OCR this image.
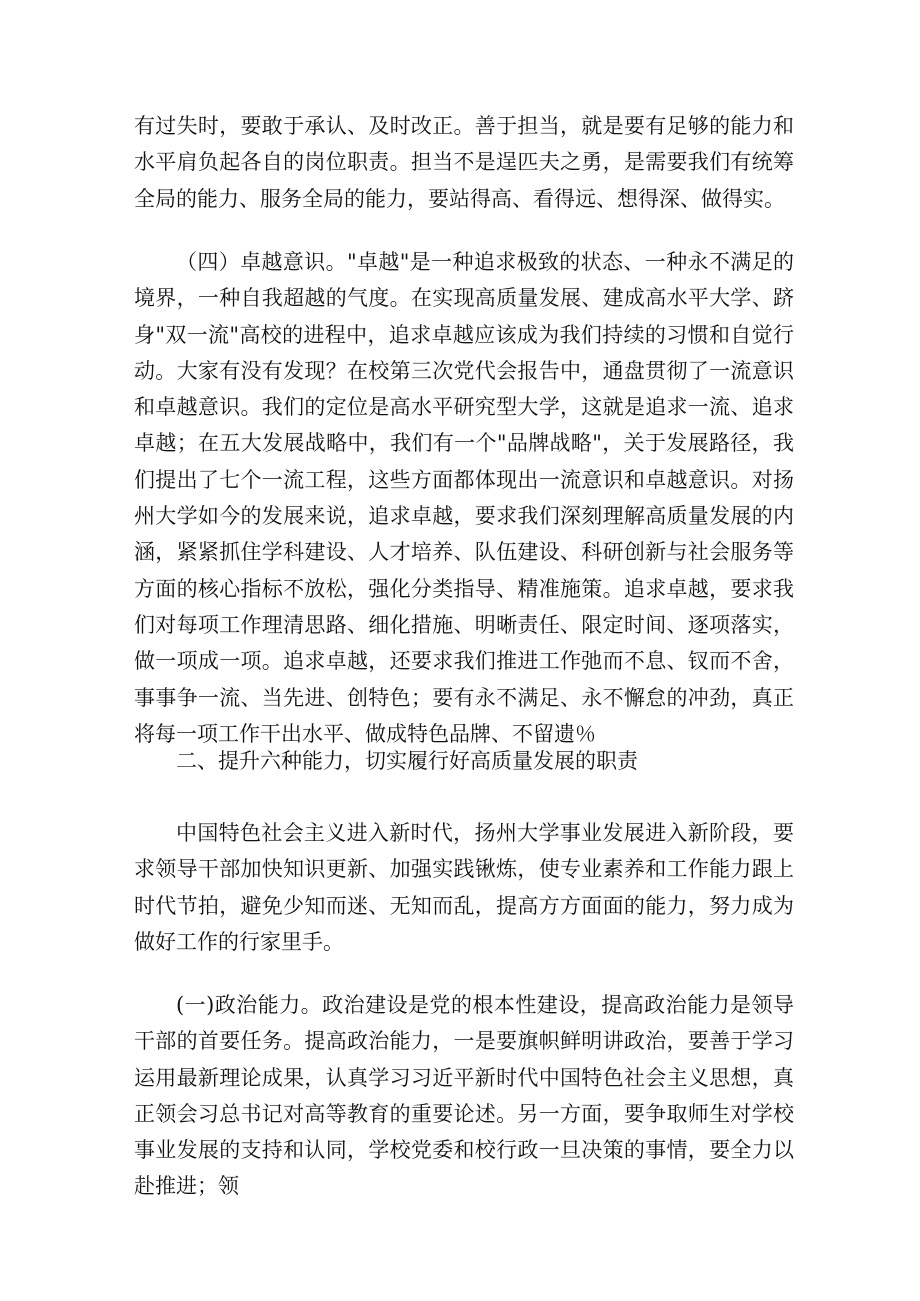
有过失时，要敢于承认、及时改正。善于担当，就是要有足够的能力和水平肩负起各自的岗位职责。担当不是逞匹夫之勇，是需要我们有统筹全局的能力、服务全局的能力，要站得高、看得远、想得深、做得实。

（四）卓越意识。"卓越"是一种追求极致的状态、一种永不满足的境界，一种自我超越的气度。在实现高质量发展、建成高水平大学、跻身"双一流"高校的进程中，追求卓越应该成为我们持续的习惯和自觉行动。大家有没有发现？在校第三次党代会报告中，通盘贯彻了一流意识和卓越意识。我们的定位是高水平研究型大学，这就是追求一流、追求卓越；在五大发展战略中，我们有一个"品牌战略"，关于发展路径，我们提出了七个一流工程，这些方面都体现出一流意识和卓越意识。对扬州大学如今的发展来说，追求卓越，要求我们深刻理解高质量发展的内涵，紧紧抓住学科建设、人才培养、队伍建设、科研创新与社会服务等方面的核心指标不放松，强化分类指导、精准施策。追求卓越，要求我们对每项工作理清思路、细化措施、明晰责任、限定时间、逐项落实，做一项成一项。追求卓越，还要求我们推进工作弛而不息、钗而不舍，事事争一流、当先进、创特色；要有永不满足、永不懈怠的冲劲，真正将每一项工作干出水平、做成特色品牌、不留遗％

二、提升六种能力，切实履行好高质量发展的职责

中国特色社会主义进入新时代，扬州大学事业发展进入新阶段，要求领导干部加快知识更新、加强实践锹炼，使专业素养和工作能力跟上时代节拍，避免少知而迷、无知而乱，提高方方面面的能力，努力成为做好工作的行家里手。

(一)政治能力。政治建设是党的根本性建设，提高政治能力是领导干部的首要任务。提高政治能力，一是要旗帜鲜明讲政治，要善于学习运用最新理论成果，认真学习习近平新时代中国特色社会主义思想，真正领会习总书记对高等教育的重要论述。另一方面，要争取师生对学校事业发展的支持和认同，学校党委和校行政一旦决策的事情，要全力以赴推进；领
